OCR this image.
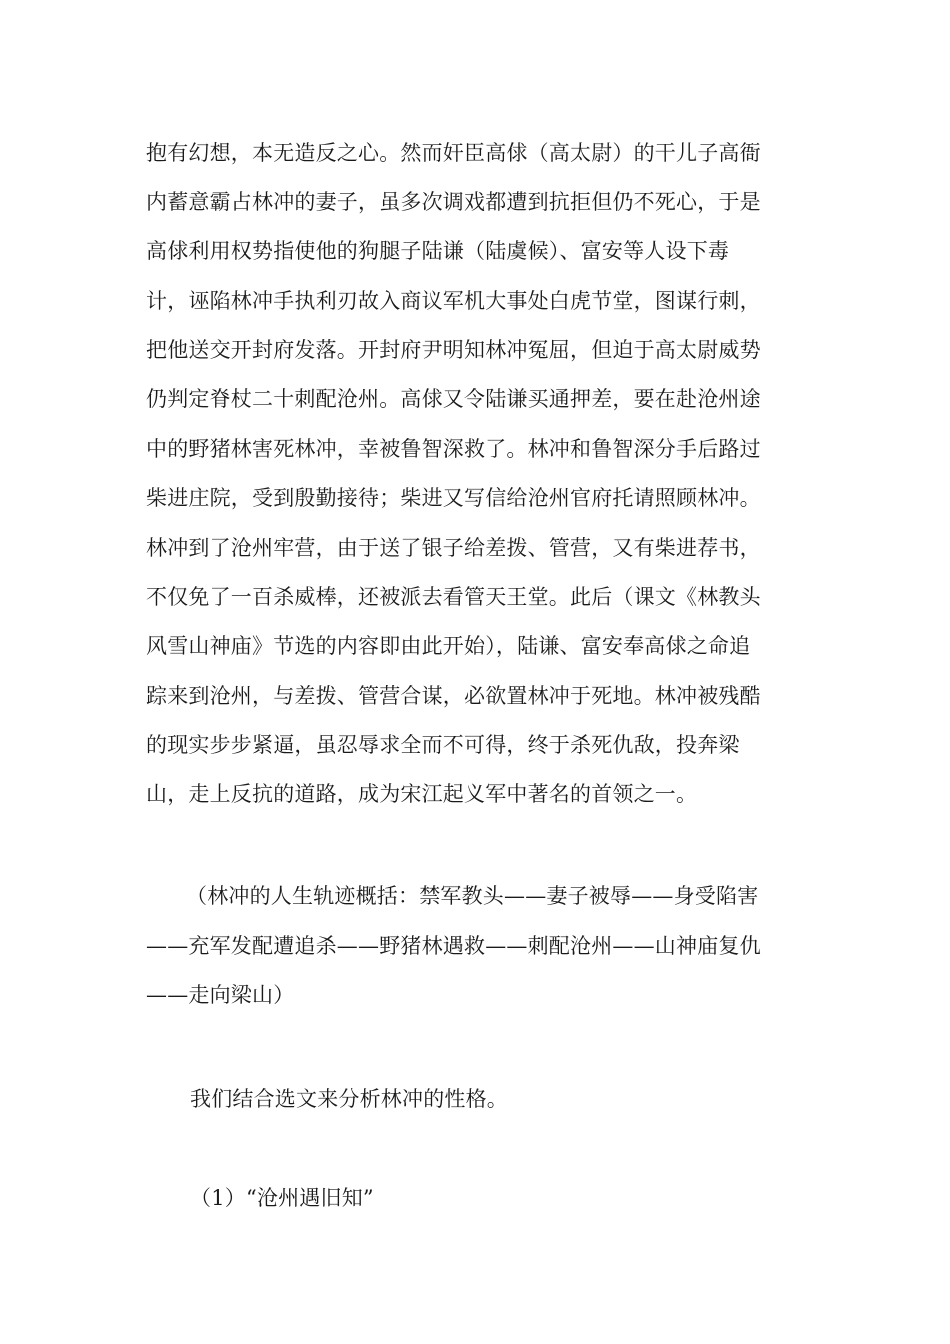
抱有幻想，本无造反之心。然而奸臣高俅（高太尉）的干儿子高衙
内蓄意霸占林冲的妻子，虽多次调戏都遭到抗拒但仍不死心，于是
高俅利用权势指使他的狗腿子陆谦（陆虞候）、富安等人设下毒
计，诬陷林冲手执利刃故入商议军机大事处白虎节堂，图谋行刺，
把他送交开封府发落。开封府尹明知林冲冤屈，但迫于高太尉威势
仍判定脊杖二十刺配沧州。高俅又令陆谦买通押差，要在赴沧州途
中的野猪林害死林冲，幸被鲁智深救了。林冲和鲁智深分手后路过
柴进庄院，受到殷勤接待；柴进又写信给沧州官府托请照顾林冲。
林冲到了沧州牢营，由于送了银子给差拨、管营，又有柴进荐书，
不仅免了一百杀威棒，还被派去看管天王堂。此后（课文《林教头
风雪山神庙》节选的内容即由此开始），陆谦、富安奉高俅之命追
踪来到沧州，与差拨、管营合谋，必欲置林冲于死地。林冲被残酷
的现实步步紧逼，虽忍辱求全而不可得，终于杀死仇敌，投奔梁
山，走上反抗的道路，成为宋江起义军中著名的首领之一。
（林冲的人生轨迹概括：禁军教头——妻子被辱——身受陷害
——充军发配遭追杀——野猪林遇救——刺配沧州——山神庙复仇
——走向梁山）
我们结合选文来分析林冲的性格。
（1）“沧州遇旧知”
